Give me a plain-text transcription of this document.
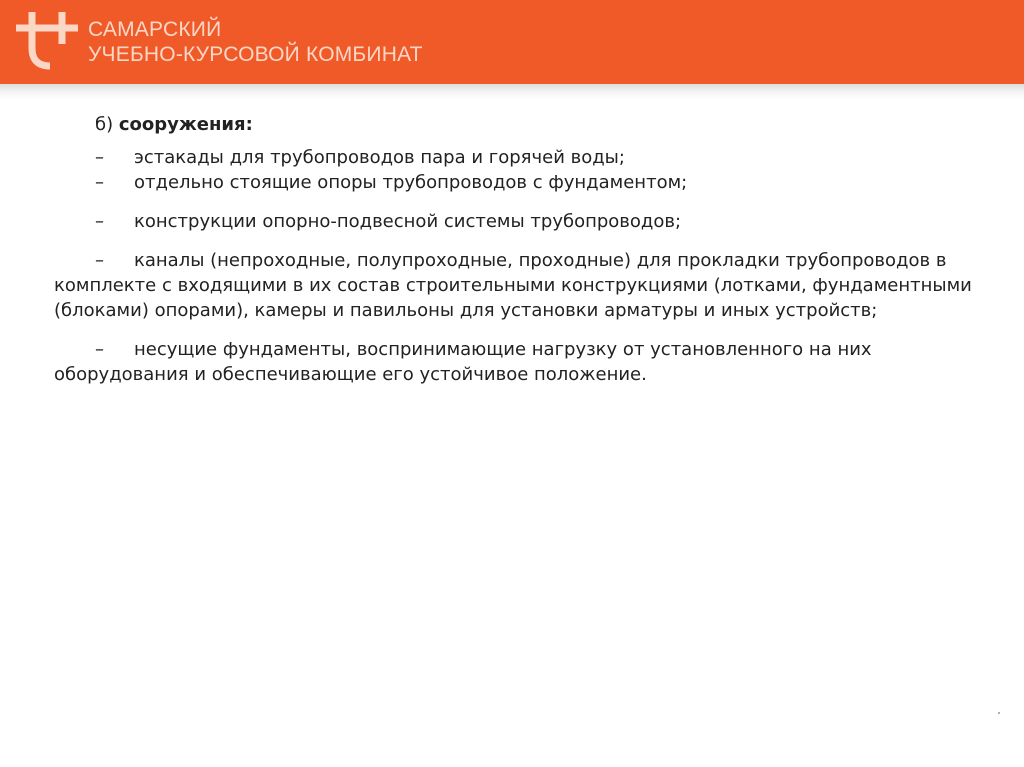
САМАРСКИЙ
УЧЕБНО-КУРСОВОЙ КОМБИНАТ

б) сооружения:

– эстакады для трубопроводов пара и горячей воды;

– отдельно стоящие опоры трубопроводов с фундаментом;

– конструкции опорно-подвесной системы трубопроводов;

– каналы (непроходные, полупроходные, проходные) для прокладки трубопроводов в комплекте с входящими в их состав строительными конструкциями (лотками, фундаментными (блоками) опорами), камеры и павильоны для установки арматуры и иных устройств;

– несущие фундаменты, воспринимающие нагрузку от установленного на них оборудования и обеспечивающие его устойчивое положение.
